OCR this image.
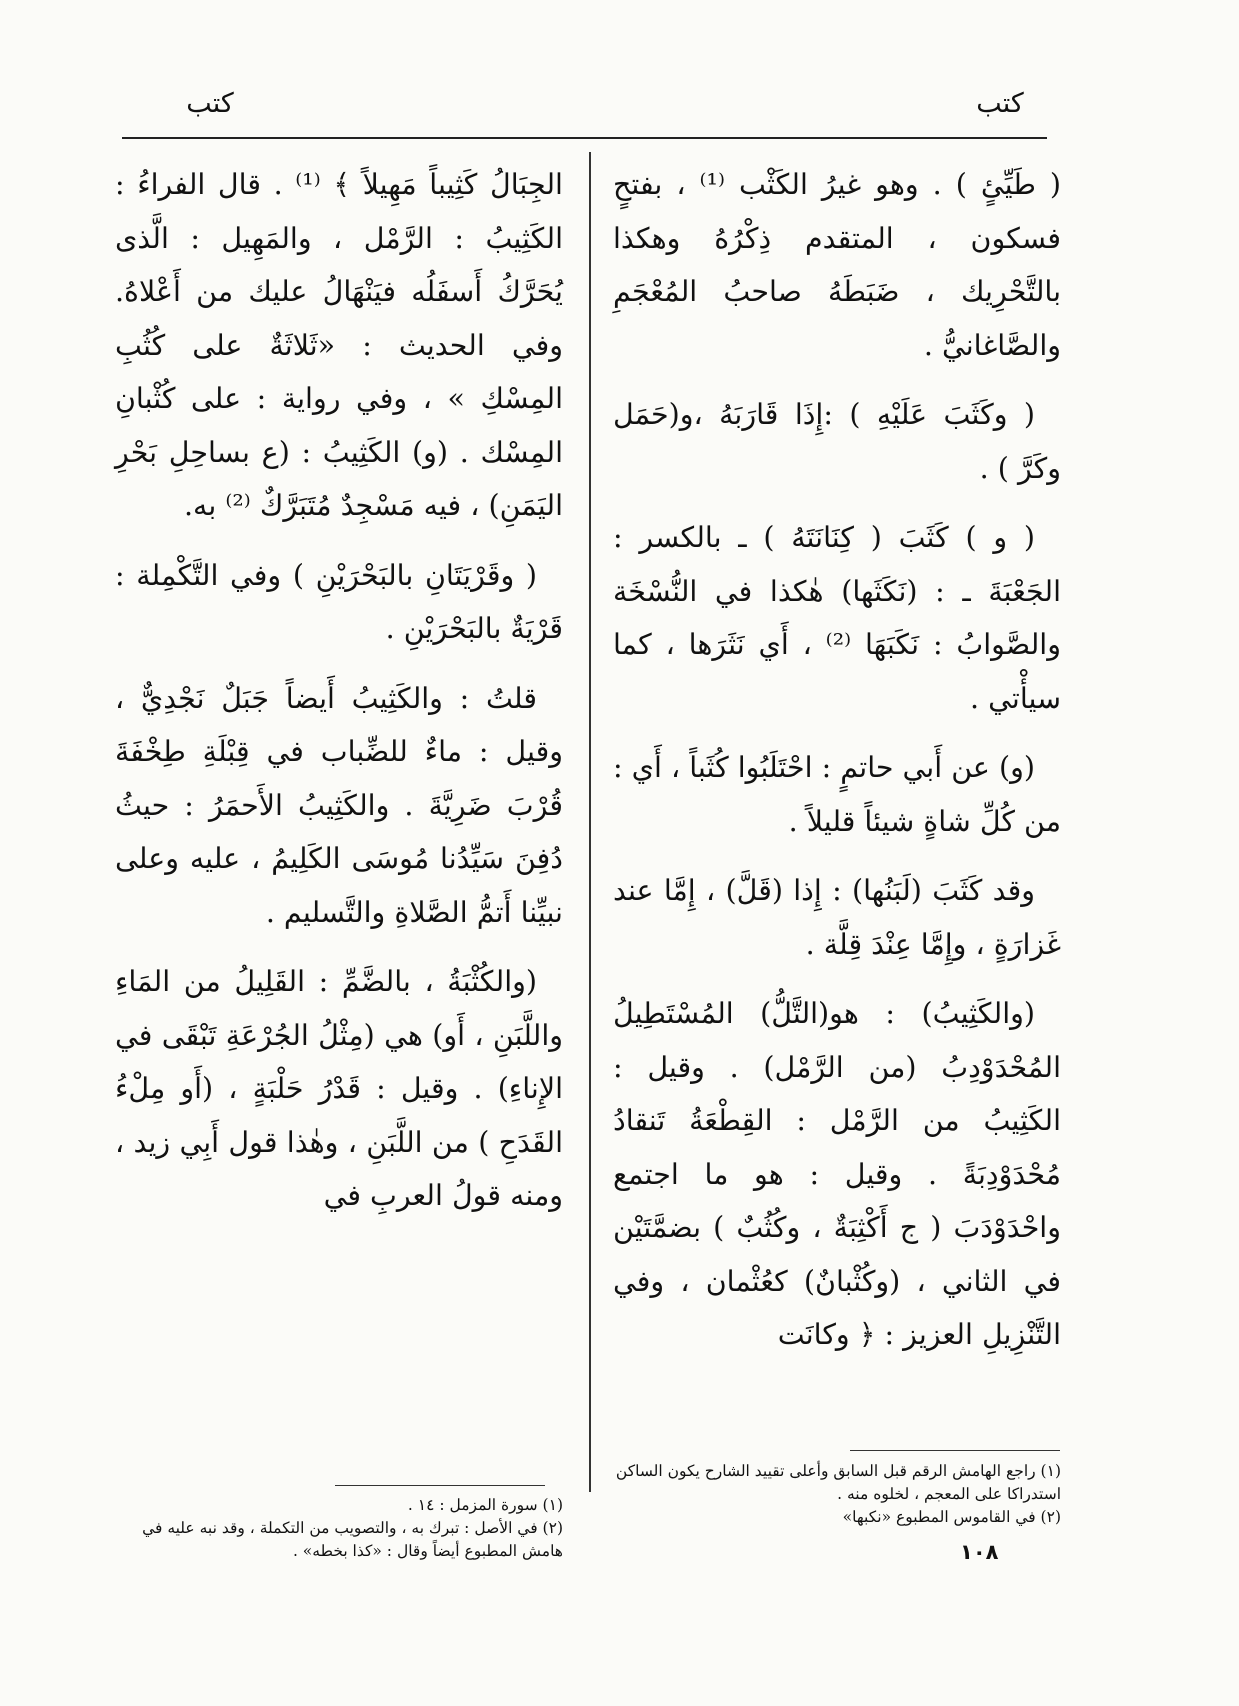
كتب
كتب

( طَيِّئٍ ) . وهو غيرُ الكَثْب ⁽¹⁾ ، بفتحٍ فسكون ، المتقدم ذِكْرُهُ وهكذا بالتَّحْرِيك ، ضَبَطَهُ صاحبُ المُعْجَمِ والصَّاغانيُّ .

( وكَثَبَ عَلَيْهِ ) :إِذَا قَارَبَهُ ،و(حَمَل وكَرَّ ) .

( و ) كَثَبَ ( كِنَانَتَهُ ) ـ بالكسر : الجَعْبَةَ ـ : (نَكَثَها) هٰكذا في النُّسْخَة والصَّوابُ : نَكَبَهَا ⁽²⁾ ، أَي نَثَرَها ، كما سيأْتي .

(و) عن أَبي حاتمٍ : احْتَلَبُوا كُثَباً ، أَي : من كُلِّ شاةٍ شيئاً قليلاً .

وقد كَثَبَ (لَبَنُها) : إِذا (قَلَّ) ، إِمَّا عند غَزارَةٍ ، وإِمَّا عِنْدَ قِلَّة .

(والكَثِيبُ) : هو(التَّلُّ) المُسْتَطِيلُ المُحْدَوْدِبُ (من الرَّمْل) . وقيل : الكَثِيبُ من الرَّمْل : القِطْعَةُ تَنقادُ مُحْدَوْدِبَةً . وقيل : هو ما اجتمع واحْدَوْدَبَ ( ج أَكْثِبَةٌ ، وكُثُبٌ ) بضمَّتَيْن في الثاني ، (وكُثْبانٌ) كعُثْمان ، وفي التَّنْزِيلِ العزيز : ﴿ وكانَت

الجِبَالُ كَثِيباً مَهِيلاً ﴾ ⁽¹⁾ . قال الفراءُ : الكَثِيبُ : الرَّمْل ، والمَهِيل : الَّذى يُحَرَّكُ أَسفَلُه فيَنْهَالُ عليك من أَعْلاهُ. وفي الحديث : «ثَلاثَةٌ على كُثُبِ المِسْكِ » ، وفي رواية : على كُثْبانِ المِسْك . (و) الكَثِيبُ : (ع بساحِلِ بَحْرِ اليَمَنِ) ، فيه مَسْجِدٌ مُتَبَرَّكٌ ⁽²⁾ به.

( وقَرْيَتَانِ بالبَحْرَيْنِ ) وفي التَّكْمِلة : قَرْيَةٌ بالبَحْرَيْنِ .

قلتُ : والكَثِيبُ أَيضاً جَبَلٌ نَجْدِيٌّ ، وقيل : ماءٌ للضِّباب في قِبْلَةِ طِخْفَةَ قُرْبَ ضَرِيَّةَ . والكَثِيبُ الأَحمَرُ : حيثُ دُفِنَ سَيِّدُنا مُوسَى الكَلِيمُ ، عليه وعلى نبيِّنا أَتمُّ الصَّلاةِ والتَّسليم .

(والكُثْبَةُ ، بالضَّمِّ : القَلِيلُ من المَاءِ واللَّبَنِ ، أَو) هي (مِثْلُ الجُرْعَةِ تَبْقَى في الإِناءِ) . وقيل : قَدْرُ حَلْبَةٍ ، (أَو مِلْءُ القَدَحِ ) من اللَّبَنِ ، وهٰذا قول أَبِي زيد ، ومنه قولُ العربِ في

(١) راجع الهامش الرقم قبل السابق وأعلى تقييد الشارح يكون الساكن استدراكا على المعجم ، لخلوه منه .
(٢) في القاموس المطبوع «نكبها»
(١) سورة المزمل : ١٤ .
(٢) في الأصل : تبرك به ، والتصويب من التكملة ، وقد نبه عليه في هامش المطبوع أيضاً وقال : «كذا بخطه» .	١٠٨
